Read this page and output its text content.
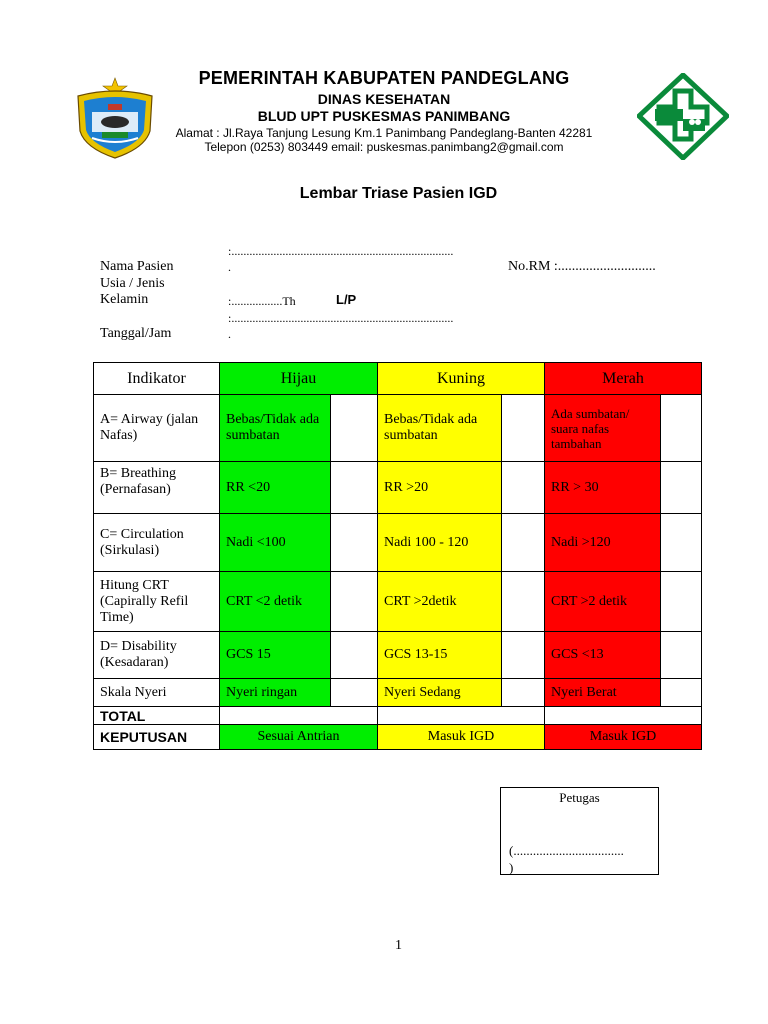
PEMERINTAH KABUPATEN PANDEGLANG
DINAS KESEHATAN
BLUD UPT PUSKESMAS PANIMBANG
Alamat : Jl.Raya Tanjung Lesung Km.1 Panimbang Pandeglang-Banten 42281
Telepon (0253) 803449 email: puskesmas.panimbang2@gmail.com
Lembar Triase Pasien IGD
:..........................................................................
Nama Pasien	.	No.RM :............................
Usia / Jenis
Kelamin	:.................Th	L/P
:..........................................................................
Tanggal/Jam	.
Indikator	Hijau		Kuning		Merah	
A= Airway (jalan Nafas)	Bebas/Tidak ada sumbatan		Bebas/Tidak ada sumbatan		Ada sumbatan/ suara nafas tambahan	
B= Breathing (Pernafasan)	RR <20		RR >20		RR > 30	
C= Circulation (Sirkulasi)	Nadi <100		Nadi 100 - 120		Nadi >120	
Hitung CRT (Capirally Refil Time)	CRT <2 detik		CRT >2detik		CRT >2 detik	
D= Disability (Kesadaran)	GCS 15		GCS 13-15		GCS <13	
Skala Nyeri	Nyeri ringan		Nyeri Sedang		Nyeri Berat	
TOTAL						
KEPUTUSAN	Sesuai Antrian		Masuk IGD		Masuk IGD	
Petugas
(..................................
)
1
